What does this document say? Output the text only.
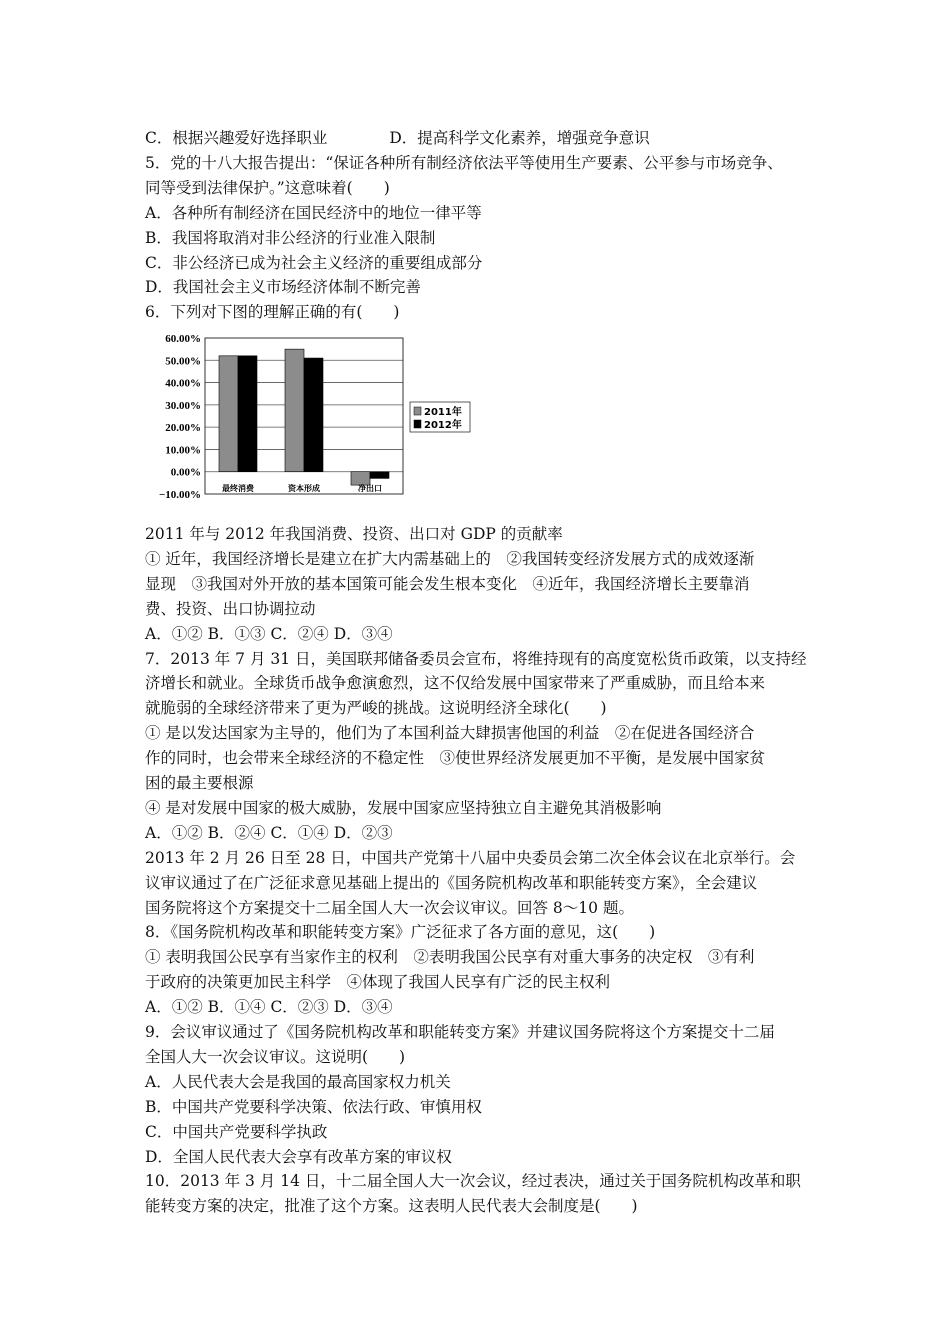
C．根据兴趣爱好选择职业　　　　D．提高科学文化素养，增强竞争意识
5．党的十八大报告提出：“保证各种所有制经济依法平等使用生产要素、公平参与市场竞争、
同等受到法律保护。”这意味着(　　)
A．各种所有制经济在国民经济中的地位一律平等
B．我国将取消对非公经济的行业准入限制
C．非公经济已成为社会主义经济的重要组成部分
D．我国社会主义市场经济体制不断完善
6．下列对下图的理解正确的有(　　)
60.00%
50.00%
40.00%
30.00%
20.00%
10.00%
0.00%
−10.00%
最终消费	资本形成	净出口
2011年
2012年
2011 年与 2012 年我国消费、投资、出口对 GDP 的贡献率
① 近年，我国经济增长是建立在扩大内需基础上的　②我国转变经济发展方式的成效逐渐
显现　③我国对外开放的基本国策可能会发生根本变化　④近年，我国经济增长主要靠消
费、投资、出口协调拉动
A．①② B．①③ C．②④ D．③④
7．2013 年 7 月 31 日，美国联邦储备委员会宣布，将维持现有的高度宽松货币政策，以支持经
济增长和就业。全球货币战争愈演愈烈，这不仅给发展中国家带来了严重威胁，而且给本来
就脆弱的全球经济带来了更为严峻的挑战。这说明经济全球化(　　)
① 是以发达国家为主导的，他们为了本国利益大肆损害他国的利益　②在促进各国经济合
作的同时，也会带来全球经济的不稳定性　③使世界经济发展更加不平衡，是发展中国家贫
困的最主要根源
④ 是对发展中国家的极大威胁，发展中国家应坚持独立自主避免其消极影响
A．①② B．②④ C．①④ D．②③
2013 年 2 月 26 日至 28 日，中国共产党第十八届中央委员会第二次全体会议在北京举行。会
议审议通过了在广泛征求意见基础上提出的《国务院机构改革和职能转变方案》，全会建议
国务院将这个方案提交十二届全国人大一次会议审议。回答 8～10 题。
8．《国务院机构改革和职能转变方案》广泛征求了各方面的意见，这(　　)
① 表明我国公民享有当家作主的权利　②表明我国公民享有对重大事务的决定权　③有利
于政府的决策更加民主科学　④体现了我国人民享有广泛的民主权利
A．①② B．①④ C．②③ D．③④
9．会议审议通过了《国务院机构改革和职能转变方案》并建议国务院将这个方案提交十二届
全国人大一次会议审议。这说明(　　)
A．人民代表大会是我国的最高国家权力机关
B．中国共产党要科学决策、依法行政、审慎用权
C．中国共产党要科学执政
D．全国人民代表大会享有改革方案的审议权
10．2013 年 3 月 14 日，十二届全国人大一次会议，经过表决，通过关于国务院机构改革和职
能转变方案的决定，批准了这个方案。这表明人民代表大会制度是(　　)
